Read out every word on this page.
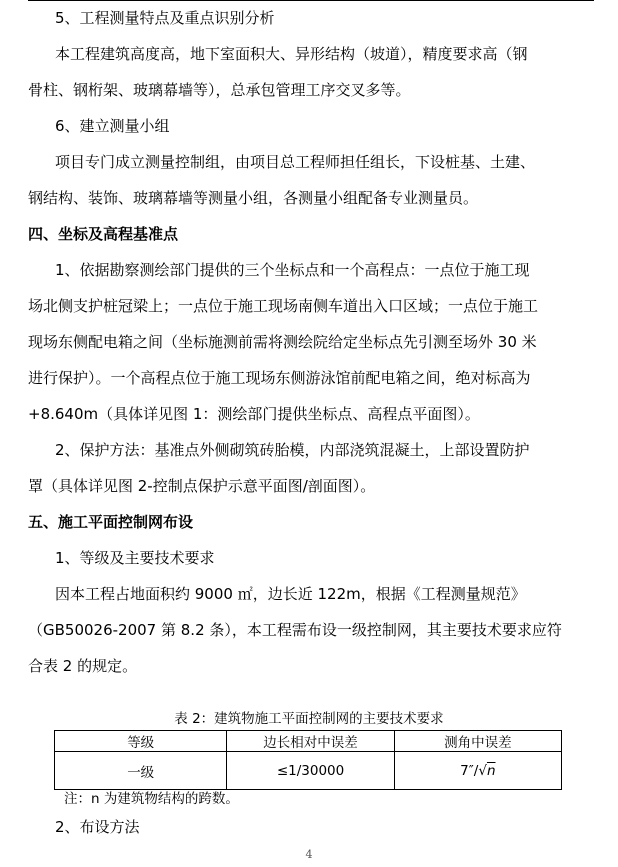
5、工程测量特点及重点识别分析
本工程建筑高度高，地下室面积大、异形结构（坡道），精度要求高（钢
骨柱、钢桁架、玻璃幕墙等），总承包管理工序交叉多等。
6、建立测量小组
项目专门成立测量控制组，由项目总工程师担任组长，下设桩基、土建、
钢结构、装饰、玻璃幕墙等测量小组，各测量小组配备专业测量员。
四、坐标及高程基准点
1、依据勘察测绘部门提供的三个坐标点和一个高程点：一点位于施工现
场北侧支护桩冠梁上；一点位于施工现场南侧车道出入口区域；一点位于施工
现场东侧配电箱之间（坐标施测前需将测绘院给定坐标点先引测至场外 30 米
进行保护）。一个高程点位于施工现场东侧游泳馆前配电箱之间，绝对标高为
+8.640m（具体详见图 1：测绘部门提供坐标点、高程点平面图）。
2、保护方法：基准点外侧砌筑砖胎模，内部浇筑混凝土，上部设置防护
罩（具体详见图 2-控制点保护示意平面图/剖面图）。
五、施工平面控制网布设
1、等级及主要技术要求
因本工程占地面积约 9000 ㎡，边长近 122m，根据《工程测量规范》
（GB50026-2007 第 8.2 条），本工程需布设一级控制网，其主要技术要求应符
合表 2 的规定。
表 2：建筑物施工平面控制网的主要技术要求
等级	边长相对中误差	测角中误差
一级	≤1/30000	7″/√n
注：n 为建筑物结构的跨数。
2、布设方法
4
